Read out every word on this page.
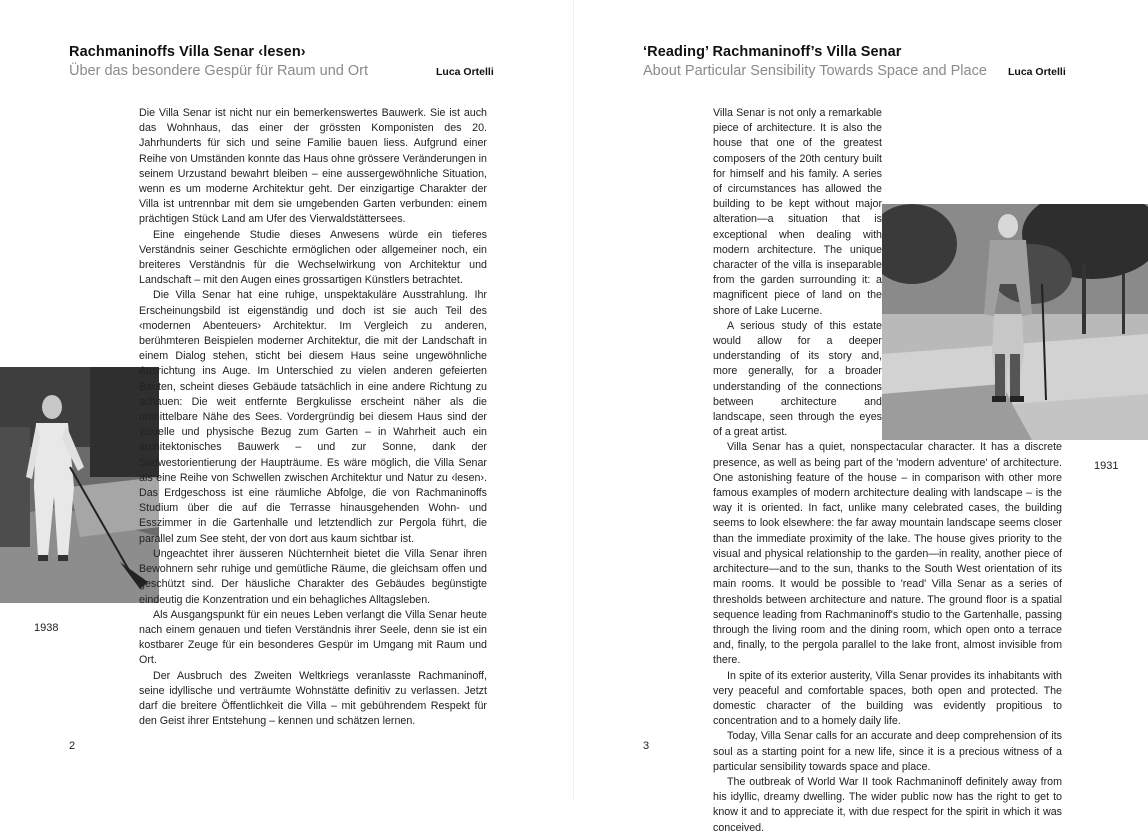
Rachmaninoffs Villa Senar ‹lesen›
Über das besondere Gespür für Raum und Ort	Luca Ortelli
1938

Die Villa Senar ist nicht nur ein bemerkenswertes Bauwerk. Sie ist auch das Wohnhaus, das einer der grössten Komponisten des 20. Jahrhunderts für sich und seine Familie bauen liess. Aufgrund einer Reihe von Umständen konnte das Haus ohne grössere Veränderungen in seinem Urzustand bewahrt bleiben – eine aussergewöhnliche Situation, wenn es um moderne Architektur geht. Der einzigartige Charakter der Villa ist untrennbar mit dem sie umgebenden Garten verbunden: einem prächtigen Stück Land am Ufer des Vierwaldstättersees.

Eine eingehende Studie dieses Anwesens würde ein tieferes Verständnis seiner Geschichte ermöglichen oder allgemeiner noch, ein breiteres Verständnis für die Wechselwirkung von Architektur und Landschaft – mit den Augen eines grossartigen Künstlers betrachtet.

Die Villa Senar hat eine ruhige, unspektakuläre Ausstrahlung. Ihr Erscheinungsbild ist eigenständig und doch ist sie auch Teil des ‹modernen Abenteuers› Architektur. Im Vergleich zu anderen, berühmteren Beispielen moderner Architektur, die mit der Landschaft in einem Dialog stehen, sticht bei diesem Haus seine ungewöhnliche Ausrichtung ins Auge. Im Unterschied zu vielen anderen gefeierten Bauten, scheint dieses Gebäude tatsächlich in eine andere Richtung zu schauen: Die weit entfernte Bergkulisse erscheint näher als die unmittelbare Nähe des Sees. Vordergründig bei diesem Haus sind der visuelle und physische Bezug zum Garten – in Wahrheit auch ein architektonisches Bauwerk – und zur Sonne, dank der Südwestorientierung der Haupträume. Es wäre möglich, die Villa Senar als eine Reihe von Schwellen zwischen Architektur und Natur zu ‹lesen›. Das Erdgeschoss ist eine räumliche Abfolge, die von Rachmaninoffs Studium über die auf die Terrasse hinausgehenden Wohn- und Esszimmer in die Gartenhalle und letztendlich zur Pergola führt, die parallel zum See steht, der von dort aus kaum sichtbar ist.

Ungeachtet ihrer äusseren Nüchternheit bietet die Villa Senar ihren Bewohnern sehr ruhige und gemütliche Räume, die gleichsam offen und geschützt sind. Der häusliche Charakter des Gebäudes begünstigte eindeutig die Konzentration und ein behagliches Alltagsleben.

Als Ausgangspunkt für ein neues Leben verlangt die Villa Senar heute nach einem genauen und tiefen Verständnis ihrer Seele, denn sie ist ein kostbarer Zeuge für ein besonderes Gespür im Umgang mit Raum und Ort.

Der Ausbruch des Zweiten Weltkriegs veranlasste Rachmaninoff, seine idyllische und verträumte Wohnstätte definitiv zu verlassen. Jetzt darf die breitere Öffentlichkeit die Villa – mit gebührendem Respekt für den Geist ihrer Entstehung – kennen und schätzen lernen.

2
‘Reading’ Rachmaninoff’s Villa Senar
About Particular Sensibility Towards Space and Place Luca Ortelli
1931

Villa Senar is not only a remarkable piece of architecture. It is also the house that one of the greatest composers of the 20th century built for himself and his family. A series of circumstances has allowed the building to be kept without major alteration—a situation that is exceptional when dealing with modern architecture. The unique character of the villa is inseparable from the garden surrounding it: a magnificent piece of land on the shore of Lake Lucerne.

A serious study of this estate would allow for a deeper understanding of its story and, more generally, for a broader understanding of the connections between architecture and landscape, seen through the eyes of a great artist.

Villa Senar has a quiet, nonspectacular character. It has a discrete presence, as well as being part of the 'modern adventure' of architecture. One astonishing feature of the house – in comparison with other more famous examples of modern architecture dealing with landscape – is the way it is oriented. In fact, unlike many celebrated cases, the building seems to look elsewhere: the far away mountain landscape seems closer than the immediate proximity of the lake. The house gives priority to the visual and physical relationship to the garden—in reality, another piece of architecture—and to the sun, thanks to the South West orientation of its main rooms. It would be possible to 'read' Villa Senar as a series of thresholds between architecture and nature. The ground floor is a spatial sequence leading from Rachmaninoff's studio to the Gartenhalle, passing through the living room and the dining room, which open onto a terrace and, finally, to the pergola parallel to the lake front, almost invisible from there.

In spite of its exterior austerity, Villa Senar provides its inhabitants with very peaceful and comfortable spaces, both open and protected. The domestic character of the building was evidently propitious to concentration and to a homely daily life.

Today, Villa Senar calls for an accurate and deep comprehension of its soul as a starting point for a new life, since it is a precious witness of a particular sensibility towards space and place.

The outbreak of World War II took Rachmaninoff definitely away from his idyllic, dreamy dwelling. The wider public now has the right to get to know it and to appreciate it, with due respect for the spirit in which it was conceived.

3
